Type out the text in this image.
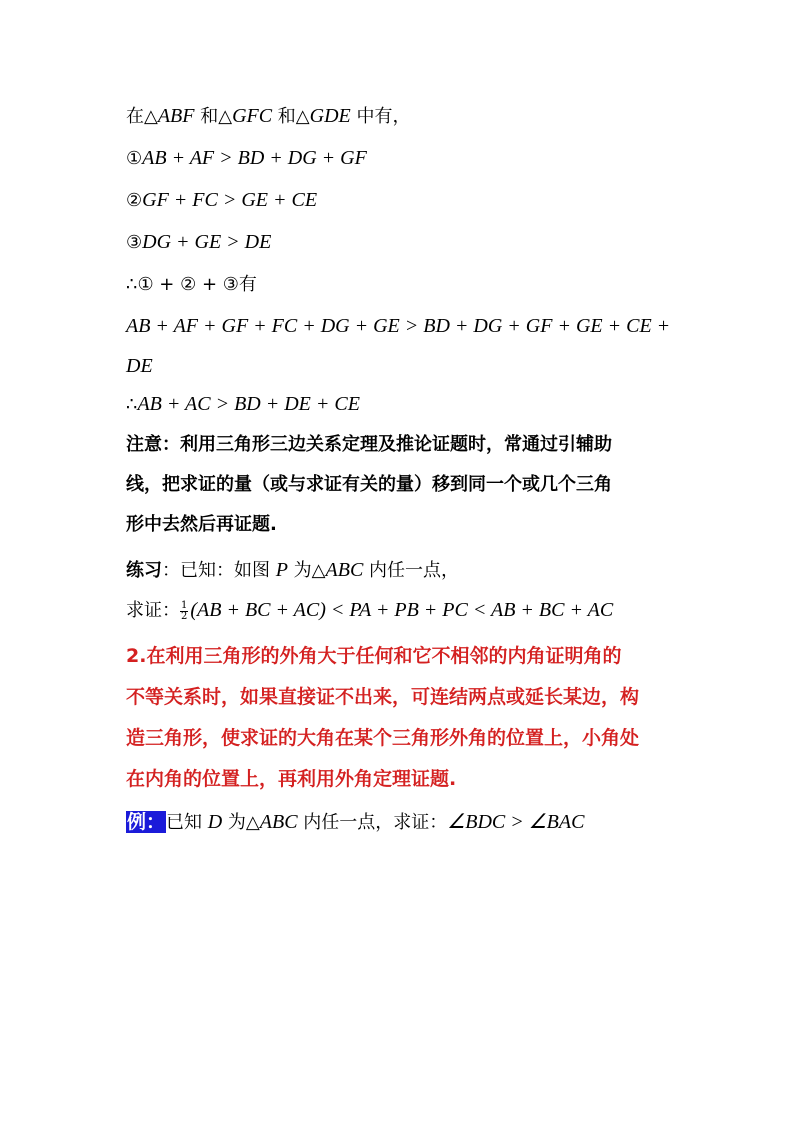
在△ABF 和△GFC 和△GDE 中有，
①AB + AF > BD + DG + GF
②GF + FC > GE + CE
③DG + GE > DE
∴① + ② + ③有
AB + AF + GF + FC + DG + GE > BD + DG + GF + GE + CE +
DE
∴AB + AC > BD + DE + CE
注意：利用三角形三边关系定理及推论证题时，常通过引辅助
线，把求证的量（或与求证有关的量）移到同一个或几个三角
形中去然后再证题.
练习：已知：如图 P 为△ABC 内任一点，
求证： $\frac{1}{2} (AB$ + BC + AC) < PA + PB + PC < AB + BC + AC
2.在利用三角形的外角大于任何和它不相邻的内角证明角的
不等关系时，如果直接证不出来，可连结两点或延长某边，构
造三角形，使求证的大角在某个三角形外角的位置上，小角处
在内角的位置上，再利用外角定理证题.
例：已知 D 为△ABC 内任一点，求证：∠BDC > ∠BAC
